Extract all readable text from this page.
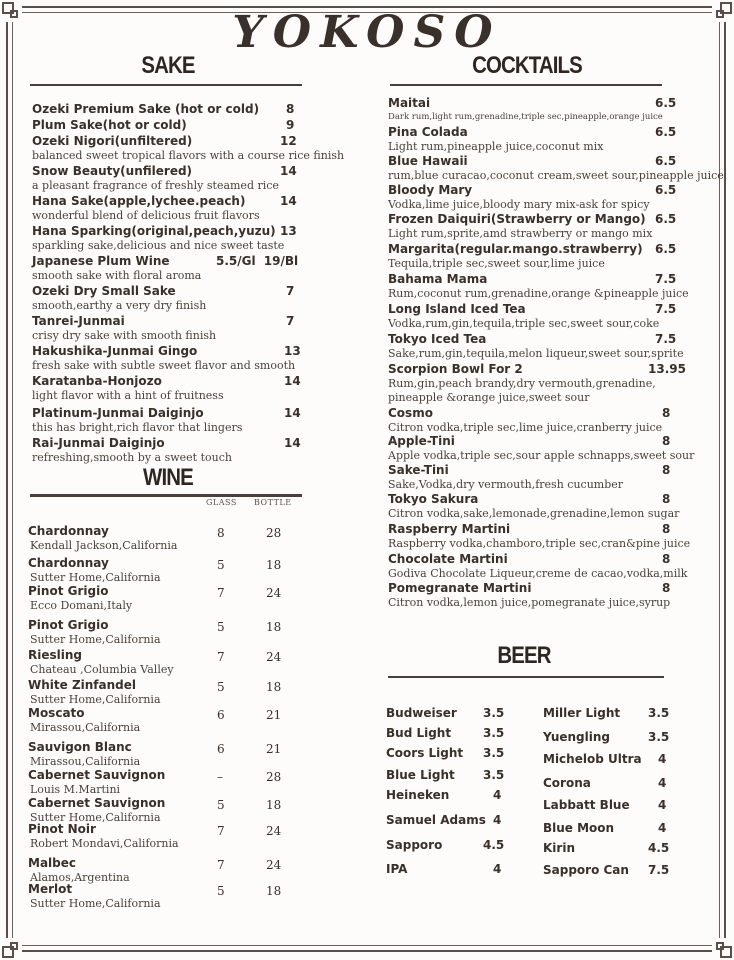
YOKOSO
SAKE	COCKTAILS
WINE
GLASS BOTTLE
BEER
Ozeki Premium Sake (hot or cold) 8
Plum Sake(hot or cold)	9
Ozeki Nigori(unfiltered)	12
balanced sweet tropical flavors with a course rice finish
Snow Beauty(unfilered)	14
a pleasant fragrance of freshly steamed rice
Hana Sake(apple,lychee.peach)	14
wonderful blend of delicious fruit flavors
Hana Sparking(original,peach,yuzu) 13
sparkling sake,delicious and nice sweet taste
Japanese Plum Wine	5.5/Gl 19/Bl
smooth sake with floral aroma
Ozeki Dry Small Sake	7
smooth,earthy a very dry finish
Tanrei-Junmai	7
crisy dry sake with smooth finish
Hakushika-Junmai Gingo	13
fresh sake with subtle sweet flavor and smooth
Karatanba-Honjozo	14
light flavor with a hint of fruitness
Platinum-Junmai Daiginjo	14
this has bright,rich flavor that lingers
Rai-Junmai Daiginjo	14
refreshing,smooth by a sweet touch
Chardonnay
Kendall Jackson,California
8	28
Chardonnay
Sutter Home,California
5	18
Pinot Grigio
Ecco Domani,Italy
7	24
Pinot Grigio
Sutter Home,California
5	18
Riesling
Chateau ,Columbia Valley
7	24
White Zinfandel
Sutter Home,California
5	18
Moscato
Mirassou,California
6	21
Sauvigon Blanc
Mirassou,California
6	21
Cabernet Sauvignon
Louis M.Martini
–	28
Cabernet Sauvignon
Sutter Home,California
5	18
Pinot Noir
Robert Mondavi,California
7	24
Malbec
Alamos,Argentina
7	24
Merlot
Sutter Home,California
5	18
Maitai	6.5
Dark rum,light rum,grenadine,triple sec,pineapple,orange juice
Pina Colada	6.5
Light rum,pineapple juice,coconut mix
Blue Hawaii	6.5
rum,blue curacao,coconut cream,sweet sour,pineapple juice
Bloody Mary	6.5
Vodka,lime juice,bloody mary mix-ask for spicy
Frozen Daiquiri(Strawberry or Mango) 6.5
Light rum,sprite,amd strawberry or mango mix
Margarita(regular.mango.strawberry) 6.5
Tequila,triple sec,sweet sour,lime juice
Bahama Mama	7.5
Rum,coconut rum,grenadine,orange &pineapple juice
Long Island Iced Tea	7.5
Vodka,rum,gin,tequila,triple sec,sweet sour,coke
Tokyo Iced Tea	7.5
Sake,rum,gin,tequila,melon liqueur,sweet sour,sprite
Scorpion Bowl For 2	13.95
Rum,gin,peach brandy,dry vermouth,grenadine,
pineapple &orange juice,sweet sour
Cosmo	8
Citron vodka,triple sec,lime juice,cranberry juice
Apple-Tini	8
Apple vodka,triple sec,sour apple schnapps,sweet sour
Sake-Tini	8
Sake,Vodka,dry vermouth,fresh cucumber
Tokyo Sakura	8
Citron vodka,sake,lemonade,grenadine,lemon sugar
Raspberry Martini	8
Raspberry vodka,chamboro,triple sec,cran&pine juice
Chocolate Martini	8
Godiva Chocolate Liqueur,creme de cacao,vodka,milk
Pomegranate Martini	8
Citron vodka,lemon juice,pomegranate juice,syrup
Budweiser 3.5
Bud Light	3.5
Coors Light 3.5
Blue Light 3.5
Heineken	4
Samuel Adams 4
Sapporo	4.5
IPA	4
Miller Light 3.5
Yuengling	3.5
Michelob Ultra 4
Corona	4
Labbatt Blue 4
Blue Moon	4
Kirin	4.5
Sapporo Can 7.5
